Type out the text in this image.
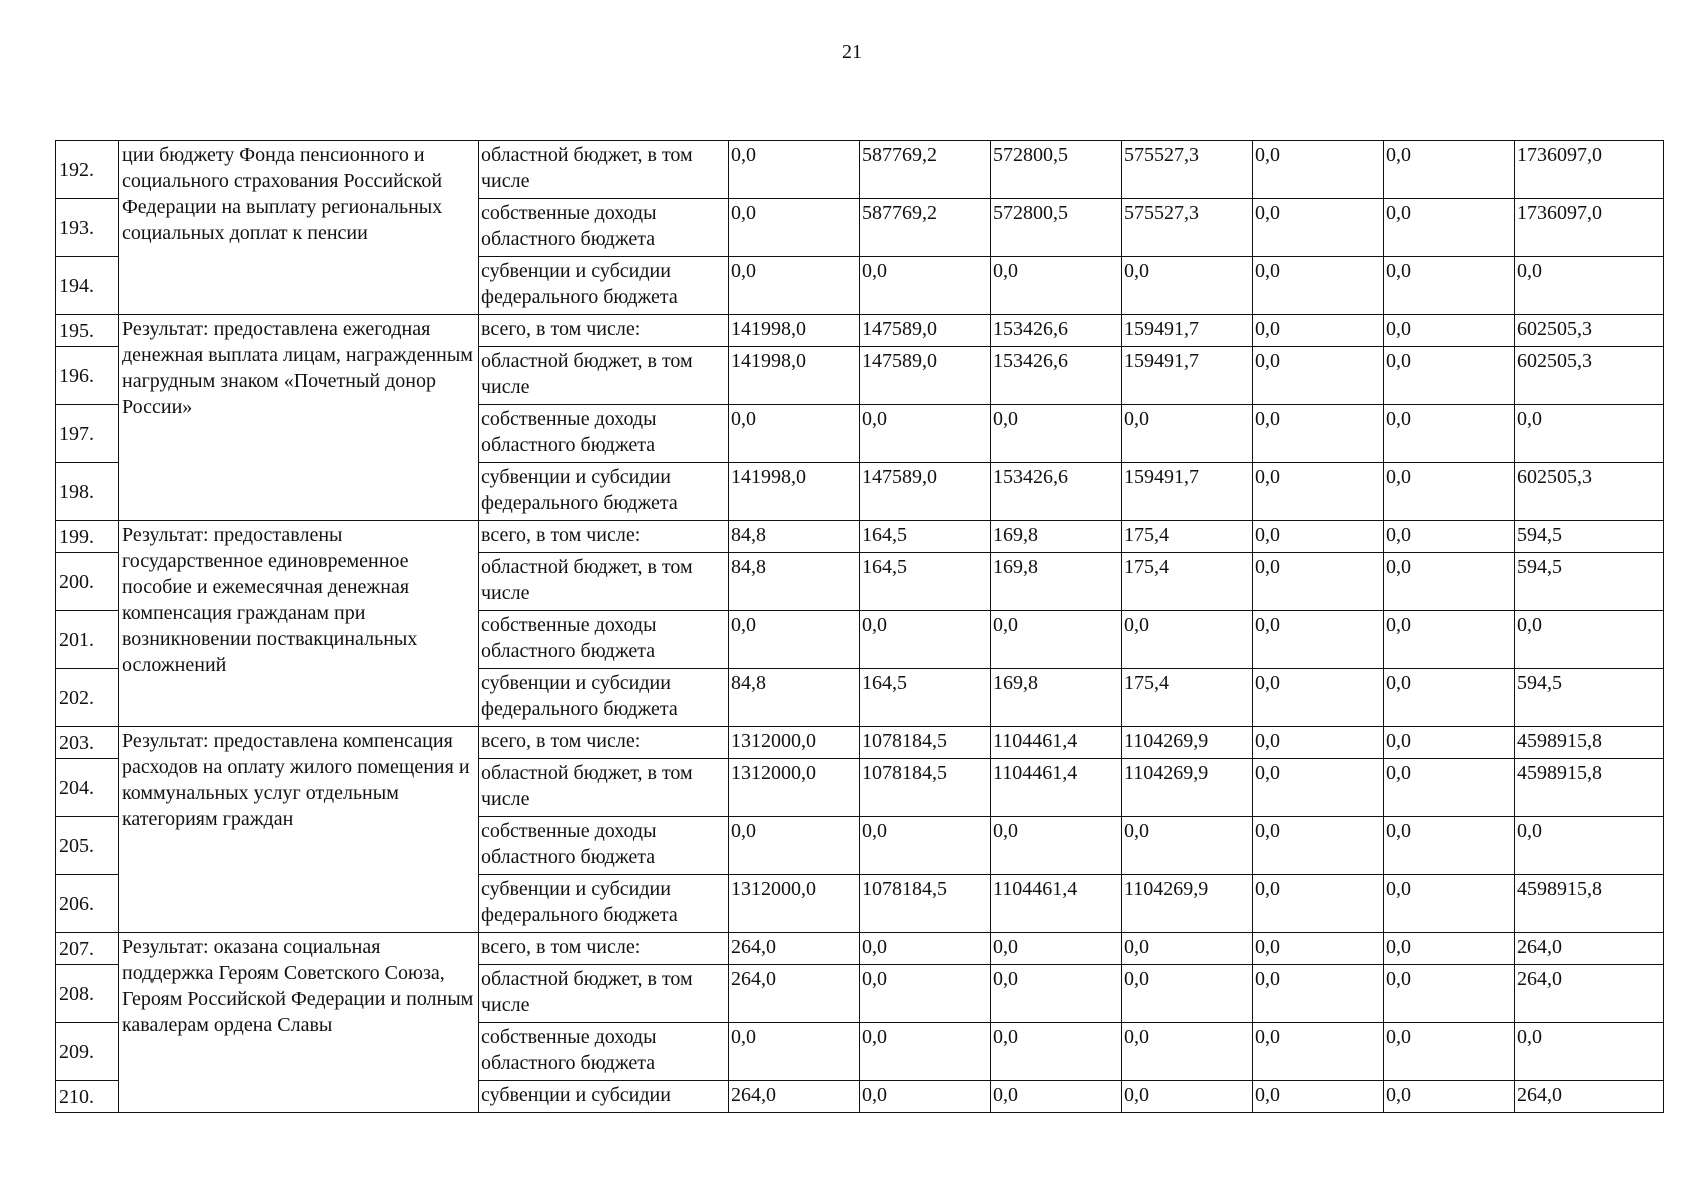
21
192.	ции бюджету Фонда пенсионного и социального страхования Российской Федерации на выплату региональных социальных доплат к пенсии	областной бюджет, в том числе	0,0	587769,2	572800,5	575527,3	0,0	0,0	1736097,0
193.		собственные доходы областного бюджета	0,0	587769,2	572800,5	575527,3	0,0	0,0	1736097,0
194.		субвенции и субсидии федерального бюджета	0,0	0,0	0,0	0,0	0,0	0,0	0,0
195.	Результат: предоставлена ежегодная денежная выплата лицам, награжденным нагрудным знаком «Почетный донор России»	всего, в том числе:	141998,0	147589,0	153426,6	159491,7	0,0	0,0	602505,3
196.		областной бюджет, в том числе	141998,0	147589,0	153426,6	159491,7	0,0	0,0	602505,3
197.		собственные доходы областного бюджета	0,0	0,0	0,0	0,0	0,0	0,0	0,0
198.		субвенции и субсидии федерального бюджета	141998,0	147589,0	153426,6	159491,7	0,0	0,0	602505,3
199.	Результат: предоставлены государственное единовременное пособие и ежемесячная денежная компенсация гражданам при возникновении поствакцинальных осложнений	всего, в том числе:	84,8	164,5	169,8	175,4	0,0	0,0	594,5
200.		областной бюджет, в том числе	84,8	164,5	169,8	175,4	0,0	0,0	594,5
201.		собственные доходы областного бюджета	0,0	0,0	0,0	0,0	0,0	0,0	0,0
202.		субвенции и субсидии федерального бюджета	84,8	164,5	169,8	175,4	0,0	0,0	594,5
203.	Результат: предоставлена компенсация расходов на оплату жилого помещения и коммунальных услуг отдельным категориям граждан	всего, в том числе:	1312000,0	1078184,5	1104461,4	1104269,9	0,0	0,0	4598915,8
204.		областной бюджет, в том числе	1312000,0	1078184,5	1104461,4	1104269,9	0,0	0,0	4598915,8
205.		собственные доходы областного бюджета	0,0	0,0	0,0	0,0	0,0	0,0	0,0
206.		субвенции и субсидии федерального бюджета	1312000,0	1078184,5	1104461,4	1104269,9	0,0	0,0	4598915,8
207.	Результат: оказана социальная поддержка Героям Советского Союза, Героям Российской Федерации и полным кавалерам ордена Славы	всего, в том числе:	264,0	0,0	0,0	0,0	0,0	0,0	264,0
208.		областной бюджет, в том числе	264,0	0,0	0,0	0,0	0,0	0,0	264,0
209.		собственные доходы областного бюджета	0,0	0,0	0,0	0,0	0,0	0,0	0,0
210.		субвенции и субсидии	264,0	0,0	0,0	0,0	0,0	0,0	264,0
